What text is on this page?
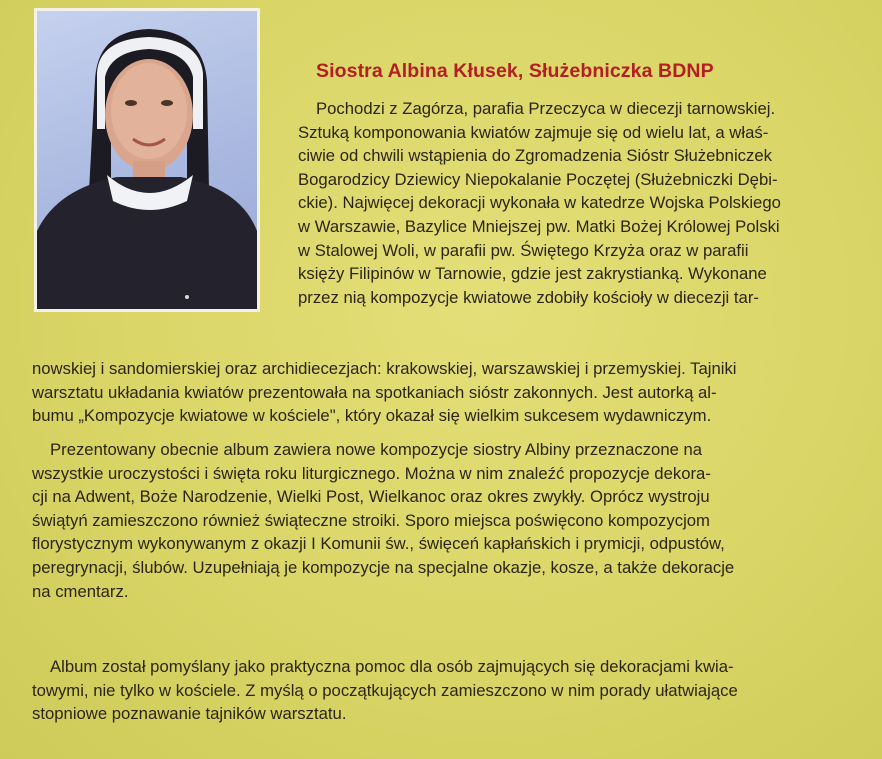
Siostra Albina Kłusek, Służebniczka BDNP
Pochodzi z Zagórza, parafia Przeczyca w diecezji tarnowskiej.
Sztuką komponowania kwiatów zajmuje się od wielu lat, a właś-
ciwie od chwili wstąpienia do Zgromadzenia Sióstr Służebniczek
Bogarodzicy Dziewicy Niepokalanie Poczętej (Służebniczki Dębi-
ckie). Najwięcej dekoracji wykonała w katedrze Wojska Polskiego
w Warszawie, Bazylice Mniejszej pw. Matki Bożej Królowej Polski
w Stalowej Woli, w parafii pw. Świętego Krzyża oraz w parafii
księży Filipinów w Tarnowie, gdzie jest zakrystianką. Wykonane
przez nią kompozycje kwiatowe zdobiły kościoły w diecezji tar-
nowskiej i sandomierskiej oraz archidiecezjach: krakowskiej, warszawskiej i przemyskiej. Tajniki
warsztatu układania kwiatów prezentowała na spotkaniach sióstr zakonnych. Jest autorką al-
bumu „Kompozycje kwiatowe w kościele", który okazał się wielkim sukcesem wydawniczym.
Prezentowany obecnie album zawiera nowe kompozycje siostry Albiny przeznaczone na
wszystkie uroczystości i święta roku liturgicznego. Można w nim znaleźć propozycje dekora-
cji na Adwent, Boże Narodzenie, Wielki Post, Wielkanoc oraz okres zwykły. Oprócz wystroju
świątyń zamieszczono również świąteczne stroiki. Sporo miejsca poświęcono kompozycjom
florystycznym wykonywanym z okazji I Komunii św., święceń kapłańskich i prymicji, odpustów,
peregrynacji, ślubów. Uzupełniają je kompozycje na specjalne okazje, kosze, a także dekoracje
na cmentarz.
Album został pomyślany jako praktyczna pomoc dla osób zajmujących się dekoracjami kwia-
towymi, nie tylko w kościele. Z myślą o początkujących zamieszczono w nim porady ułatwiające
stopniowe poznawanie tajników warsztatu.
